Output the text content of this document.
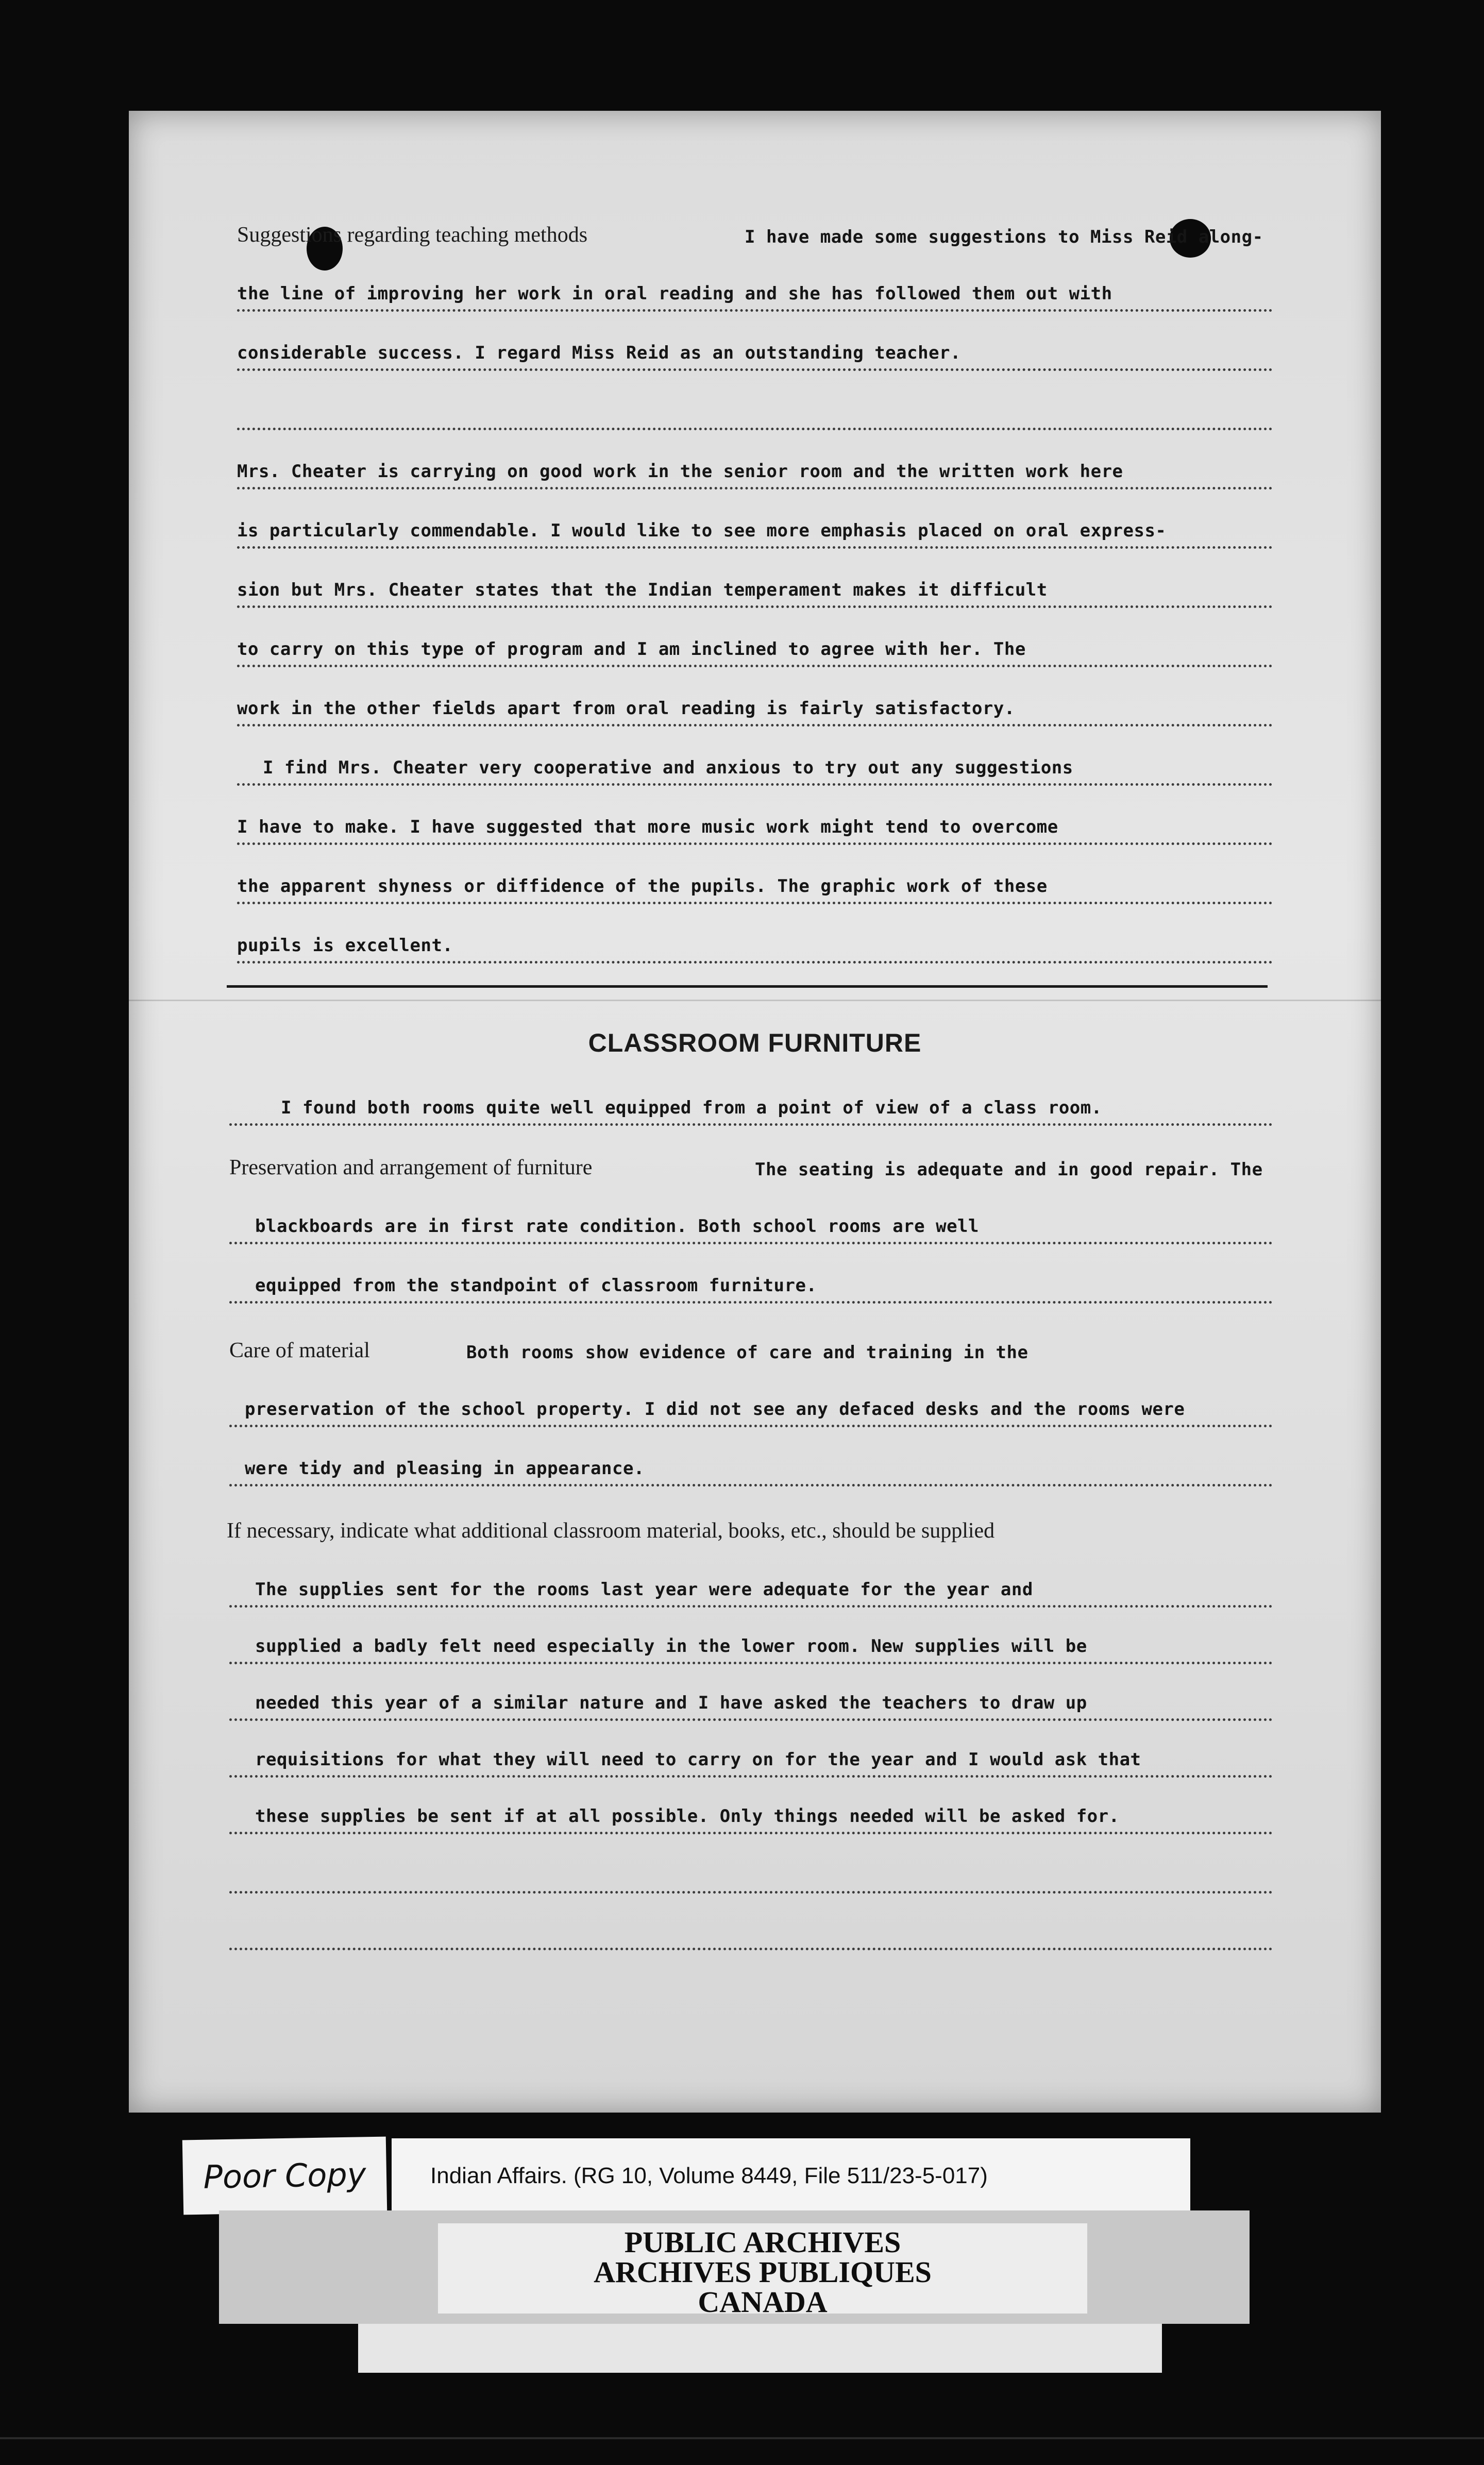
Suggestions regarding teaching methods	I have made some suggestions to Miss Reid along-
the line of improving her work in oral reading and she has followed them out with
considerable success. I regard Miss Reid as an outstanding teacher.
Mrs. Cheater is carrying on good work in the senior room and the written work here
is particularly commendable. I would like to see more emphasis placed on oral express-
sion but Mrs. Cheater states that the Indian temperament makes it difficult
to carry on this type of program and I am inclined to agree with her. The
work in the other fields apart from oral reading is fairly satisfactory.
I find Mrs. Cheater very cooperative and anxious to try out any suggestions
I have to make. I have suggested that more music work might tend to overcome
the apparent shyness or diffidence of the pupils. The graphic work of these
pupils is excellent.
CLASSROOM FURNITURE
I found both rooms quite well equipped from a point of view of a class room.
Preservation and arrangement of furniture	The seating is adequate and in good repair. The
blackboards are in first rate condition. Both school rooms are well
equipped from the standpoint of classroom furniture.
Care of material	Both rooms show evidence of care and training in the
preservation of the school property. I did not see any defaced desks and the rooms were
were tidy and pleasing in appearance.
If necessary, indicate what additional classroom material, books, etc., should be supplied
The supplies sent for the rooms last year were adequate for the year and
supplied a badly felt need especially in the lower room. New supplies will be
needed this year of a similar nature and I have asked the teachers to draw up
requisitions for what they will need to carry on for the year and I would ask that
these supplies be sent if at all possible. Only things needed will be asked for.
Poor Copy	Indian Affairs. (RG 10, Volume 8449, File 511/23-5-017)
PUBLIC ARCHIVES
ARCHIVES PUBLIQUES
CANADA
